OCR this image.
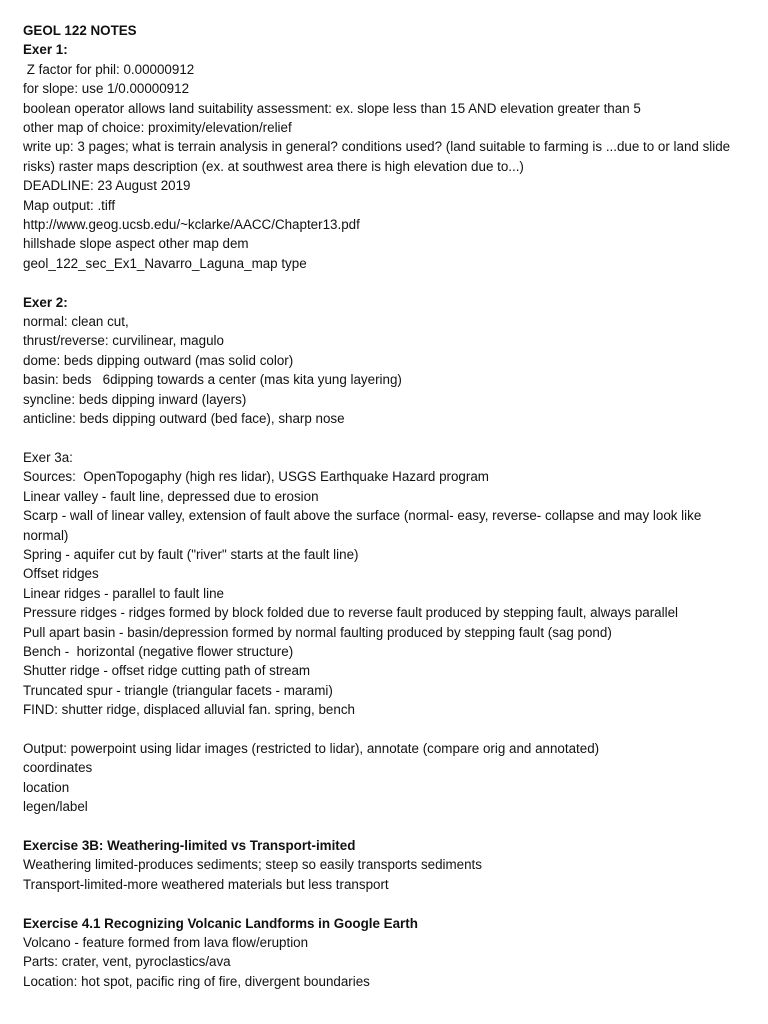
GEOL 122 NOTES

Exer 1:

Z factor for phil: 0.00000912

for slope: use 1/0.00000912

boolean operator allows land suitability assessment: ex. slope less than 15 AND elevation greater than 5

other map of choice: proximity/elevation/relief

write up: 3 pages; what is terrain analysis in general? conditions used? (land suitable to farming is ...due to or land slide risks) raster maps description (ex. at southwest area there is high elevation due to...)

DEADLINE: 23 August 2019

Map output: .tiff

http://www.geog.ucsb.edu/~kclarke/AACC/Chapter13.pdf

hillshade slope aspect other map dem

geol_122_sec_Ex1_Navarro_Laguna_map type

Exer 2:

normal: clean cut,

thrust/reverse: curvilinear, magulo

dome: beds dipping outward (mas solid color)

basin: beds   6dipping towards a center (mas kita yung layering)

syncline: beds dipping inward (layers)

anticline: beds dipping outward (bed face), sharp nose

Exer 3a:

Sources:  OpenTopogaphy (high res lidar), USGS Earthquake Hazard program

Linear valley - fault line, depressed due to erosion

Scarp - wall of linear valley, extension of fault above the surface (normal- easy, reverse- collapse and may look like normal)

Spring - aquifer cut by fault ("river" starts at the fault line)

Offset ridges

Linear ridges - parallel to fault line

Pressure ridges - ridges formed by block folded due to reverse fault produced by stepping fault, always parallel

Pull apart basin - basin/depression formed by normal faulting produced by stepping fault (sag pond)

Bench -  horizontal (negative flower structure)

Shutter ridge - offset ridge cutting path of stream

Truncated spur - triangle (triangular facets - marami)

FIND: shutter ridge, displaced alluvial fan. spring, bench

Output: powerpoint using lidar images (restricted to lidar), annotate (compare orig and annotated)

coordinates

location

legen/label

Exercise 3B: Weathering-limited vs Transport-imited

Weathering limited-produces sediments; steep so easily transports sediments

Transport-limited-more weathered materials but less transport

Exercise 4.1 Recognizing Volcanic Landforms in Google Earth

Volcano - feature formed from lava flow/eruption

Parts: crater, vent, pyroclastics/ava

Location: hot spot, pacific ring of fire, divergent boundaries
